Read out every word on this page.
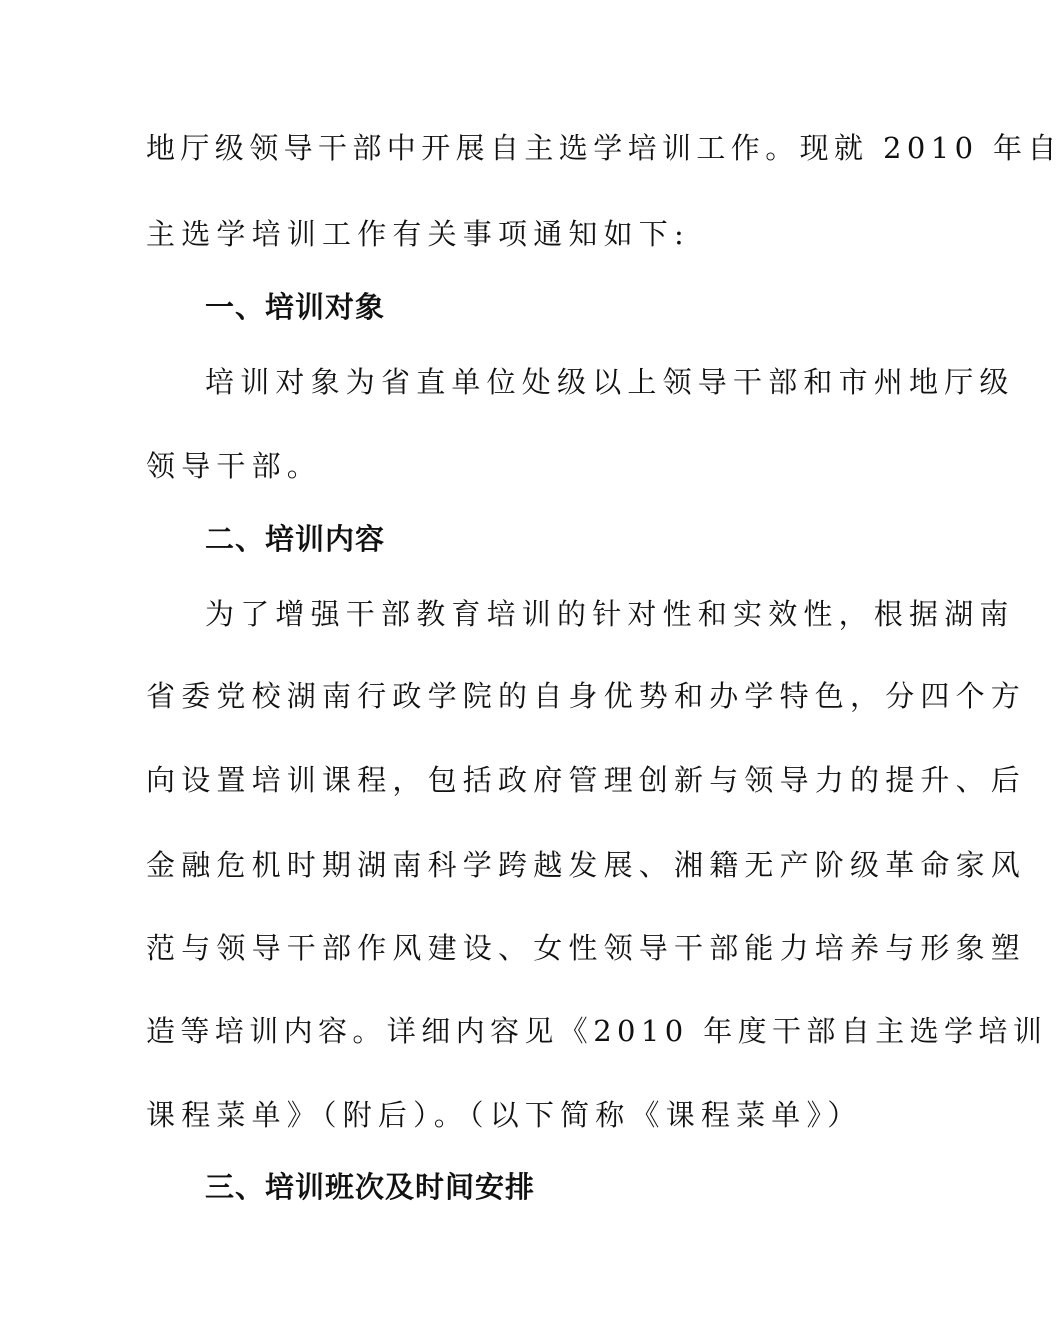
地厅级领导干部中开展自主选学培训工作。现就 2010 年自
主选学培训工作有关事项通知如下:
一、培训对象
培训对象为省直单位处级以上领导干部和市州地厅级
领导干部。
二、培训内容
为了增强干部教育培训的针对性和实效性，根据湖南
省委党校湖南行政学院的自身优势和办学特色，分四个方
向设置培训课程，包括政府管理创新与领导力的提升、后
金融危机时期湖南科学跨越发展、湘籍无产阶级革命家风
范与领导干部作风建设、女性领导干部能力培养与形象塑
造等培训内容。详细内容见《2010 年度干部自主选学培训
课程菜单》（附后）。（以下简称《课程菜单》）
三、培训班次及时间安排
